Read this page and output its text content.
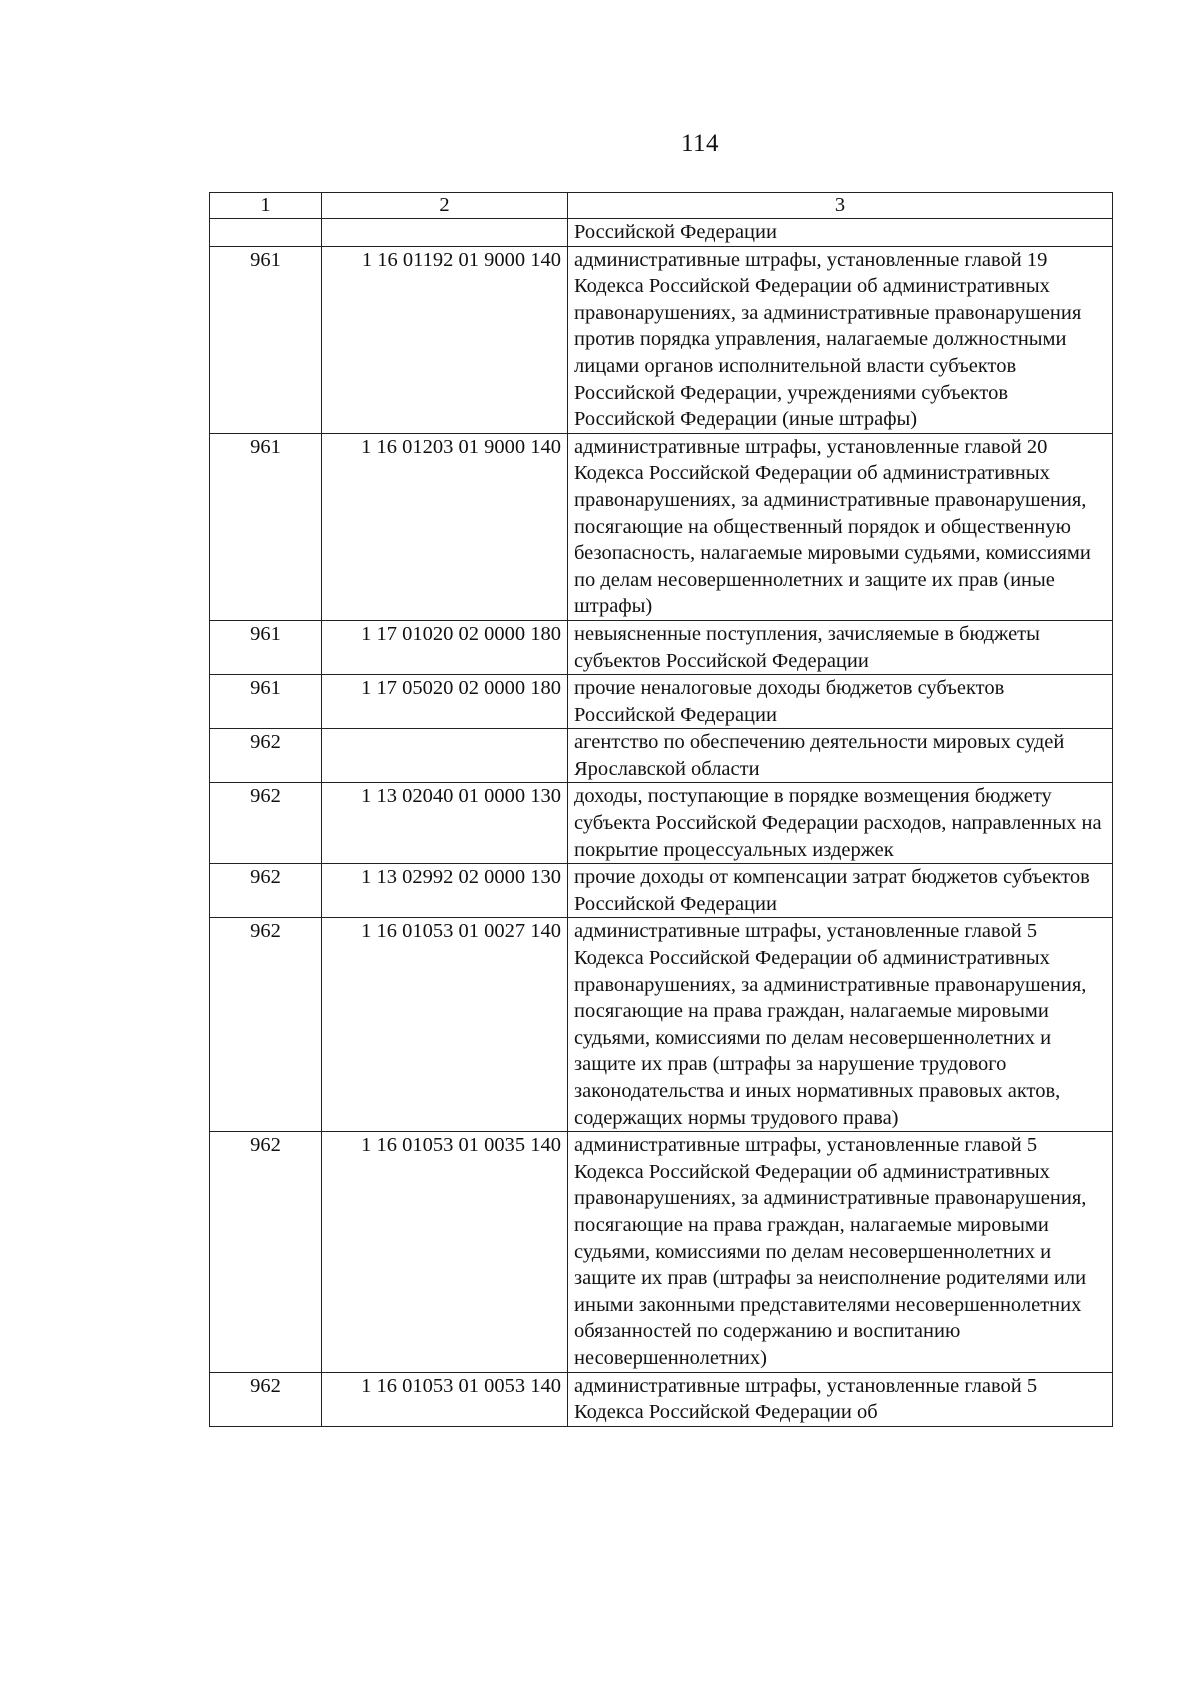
114
1	2	3
		Российской Федерации
961	1 16 01192 01 9000 140	административные штрафы, установленные главой 19 Кодекса Российской Федерации об административных правонарушениях, за административные правонарушения против порядка управления, налагаемые должностными лицами органов исполнительной власти субъектов Российской Федерации, учреждениями субъектов Российской Федерации (иные штрафы)
961	1 16 01203 01 9000 140	административные штрафы, установленные главой 20 Кодекса Российской Федерации об административных правонарушениях, за административные правонарушения, посягающие на общественный порядок и общественную безопасность, налагаемые мировыми судьями, комиссиями по делам несовершеннолетних и защите их прав (иные штрафы)
961	1 17 01020 02 0000 180	невыясненные поступления, зачисляемые в бюджеты субъектов Российской Федерации
961	1 17 05020 02 0000 180	прочие неналоговые доходы бюджетов субъектов Российской Федерации
962		агентство по обеспечению деятельности мировых судей Ярославской области
962	1 13 02040 01 0000 130	доходы, поступающие в порядке возмещения бюджету субъекта Российской Федерации расходов, направленных на покрытие процессуальных издержек
962	1 13 02992 02 0000 130	прочие доходы от компенсации затрат бюджетов субъектов Российской Федерации
962	1 16 01053 01 0027 140	административные штрафы, установленные главой 5 Кодекса Российской Федерации об административных правонарушениях, за административные правонарушения, посягающие на права граждан, налагаемые мировыми судьями, комиссиями по делам несовершеннолетних и защите их прав (штрафы за нарушение трудового законодательства и иных нормативных правовых актов, содержащих нормы трудового права)
962	1 16 01053 01 0035 140	административные штрафы, установленные главой 5 Кодекса Российской Федерации об административных правонарушениях, за административные правонарушения, посягающие на права граждан, налагаемые мировыми судьями, комиссиями по делам несовершеннолетних и защите их прав (штрафы за неисполнение родителями или иными законными представителями несовершеннолетних обязанностей по содержанию и воспитанию несовершеннолетних)
962	1 16 01053 01 0053 140	административные штрафы, установленные главой 5 Кодекса Российской Федерации об
